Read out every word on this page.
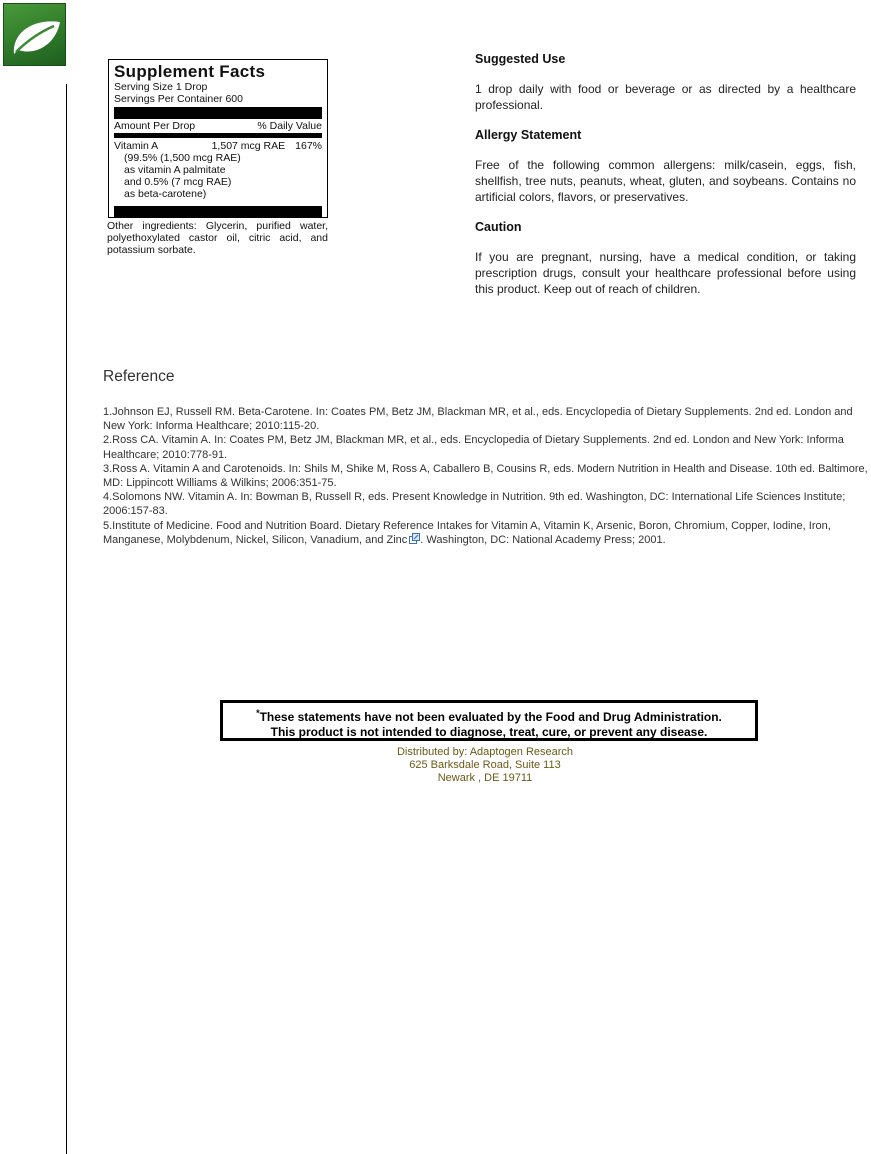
Supplement Facts
Serving Size 1 Drop
Servings Per Container 600
Amount Per Drop	% Daily Value
Vitamin A	1,507 mcg RAE 167%
(99.5% (1,500 mcg RAE)
as vitamin A palmitate
and 0.5% (7 mcg RAE)
as beta-carotene)
Other ingredients: Glycerin, purified water, polyethoxylated castor oil, citric acid, and potassium sorbate.
Suggested Use
1 drop daily with food or beverage or as directed by a healthcare professional.
Allergy Statement
Free of the following common allergens: milk/casein, eggs, fish, shellfish, tree nuts, peanuts, wheat, gluten, and soybeans. Contains no artificial colors, flavors, or preservatives.
Caution
If you are pregnant, nursing, have a medical condition, or taking prescription drugs, consult your healthcare professional before using this product. Keep out of reach of children.
Reference
1.Johnson EJ, Russell RM. Beta-Carotene. In: Coates PM, Betz JM, Blackman MR, et al., eds. Encyclopedia of Dietary Supplements. 2nd ed. London and New York: Informa Healthcare; 2010:115-20.
2.Ross CA. Vitamin A. In: Coates PM, Betz JM, Blackman MR, et al., eds. Encyclopedia of Dietary Supplements. 2nd ed. London and New York: Informa Healthcare; 2010:778-91.
3.Ross A. Vitamin A and Carotenoids. In: Shils M, Shike M, Ross A, Caballero B, Cousins R, eds. Modern Nutrition in Health and Disease. 10th ed. Baltimore, MD: Lippincott Williams & Wilkins; 2006:351-75.
4.Solomons NW. Vitamin A. In: Bowman B, Russell R, eds. Present Knowledge in Nutrition. 9th ed. Washington, DC: International Life Sciences Institute; 2006:157-83.
5.Institute of Medicine. Food and Nutrition Board. Dietary Reference Intakes for Vitamin A, Vitamin K, Arsenic, Boron, Chromium, Copper, Iodine, Iron, Manganese, Molybdenum, Nickel, Silicon, Vanadium, and Zinc . Washington, DC: National Academy Press; 2001.
*These statements have not been evaluated by the Food and Drug Administration.
This product is not intended to diagnose, treat, cure, or prevent any disease.
Distributed by: Adaptogen Research
625 Barksdale Road, Suite 113
Newark , DE 19711
